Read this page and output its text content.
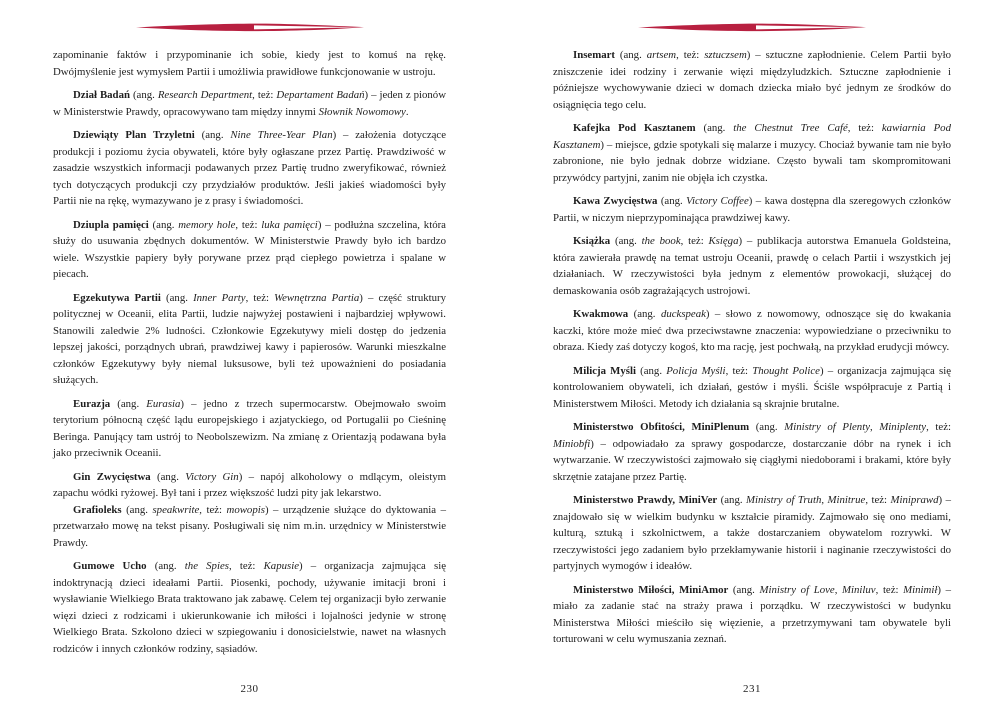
zapominanie faktów i przypominanie ich sobie, kiedy jest to komuś na rękę. Dwójmyślenie jest wymysłem Partii i umożliwia prawidłowe funkcjonowanie w ustroju.

Dział Badań (ang. Research Department, też: Departament Badań) – jeden z pionów w Ministerstwie Prawdy, opracowywano tam między innymi Słownik Nowomowy.

Dziewiąty Plan Trzyletni (ang. Nine Three-Year Plan) – założenia dotyczące produkcji i poziomu życia obywateli, które były ogłaszane przez Partię. Prawdziwość w zasadzie wszystkich informacji podawanych przez Partię trudno zweryfikować, również tych dotyczących produkcji czy przydziałów produktów. Jeśli jakieś wiadomości były Partii nie na rękę, wymazywano je z prasy i świadomości.

Dziupla pamięci (ang. memory hole, też: luka pamięci) – podłużna szczelina, która służy do usuwania zbędnych dokumentów. W Ministerstwie Prawdy było ich bardzo wiele. Wszystkie papiery były porywane przez prąd ciepłego powietrza i spalane w piecach.

Egzekutywa Partii (ang. Inner Party, też: Wewnętrzna Partia) – część struktury politycznej w Oceanii, elita Partii, ludzie najwyżej postawieni i najbardziej wpływowi. Stanowili zaledwie 2% ludności. Członkowie Egzekutywy mieli dostęp do jedzenia lepszej jakości, porządnych ubrań, prawdziwej kawy i papierosów. Warunki mieszkalne członków Egzekutywy były niemal luksusowe, byli też upoważnieni do posiadania służących.

Eurazja (ang. Eurasia) – jedno z trzech supermocarstw. Obejmowało swoim terytorium północną część lądu europejskiego i azjatyckiego, od Portugalii po Cieśninę Beringa. Panujący tam ustrój to Neobolszewizm. Na zmianę z Orientazją podawana była jako przeciwnik Oceanii.

Gin Zwycięstwa (ang. Victory Gin) – napój alkoholowy o mdlącym, oleistym zapachu wódki ryżowej. Był tani i przez większość ludzi pity jak lekarstwo.

Grafioleks (ang. speakwrite, też: mowopis) – urządzenie służące do dyktowania – przetwarzało mowę na tekst pisany. Posługiwali się nim m.in. urzędnicy w Ministerstwie Prawdy.

Gumowe Ucho (ang. the Spies, też: Kapusie) – organizacja zajmująca się indoktrynacją dzieci ideałami Partii. Piosenki, pochody, używanie imitacji broni i wysławianie Wielkiego Brata traktowano jak zabawę. Celem tej organizacji było zerwanie więzi dzieci z rodzicami i ukierunkowanie ich miłości i lojalności jedynie w stronę Wielkiego Brata. Szkolono dzieci w szpiegowaniu i donosicielstwie, nawet na własnych rodziców i innych członków rodziny, sąsiadów.

230

Insemart (ang. artsem, też: sztuczsem) – sztuczne zapłodnienie. Celem Partii było zniszczenie idei rodziny i zerwanie więzi międzyludzkich. Sztuczne zapłodnienie i późniejsze wychowywanie dzieci w domach dziecka miało być jednym ze środków do osiągnięcia tego celu.

Kafejka Pod Kasztanem (ang. the Chestnut Tree Café, też: kawiarnia Pod Kasztanem) – miejsce, gdzie spotykali się malarze i muzycy. Chociaż bywanie tam nie było zabronione, nie było jednak dobrze widziane. Często bywali tam skompromitowani przywódcy partyjni, zanim nie objęła ich czystka.

Kawa Zwycięstwa (ang. Victory Coffee) – kawa dostępna dla szeregowych członków Partii, w niczym nieprzypominająca prawdziwej kawy.

Książka (ang. the book, też: Księga) – publikacja autorstwa Emanuela Goldsteina, która zawierała prawdę na temat ustroju Oceanii, prawdę o celach Partii i wszystkich jej działaniach. W rzeczywistości była jednym z elementów prowokacji, służącej do demaskowania osób zagrażających ustrojowi.

Kwakmowa (ang. duckspeak) – słowo z nowomowy, odnoszące się do kwakania kaczki, które może mieć dwa przeciwstawne znaczenia: wypowiedziane o przeciwniku to obraza. Kiedy zaś dotyczy kogoś, kto ma rację, jest pochwałą, na przykład erudycji mówcy.

Milicja Myśli (ang. Policja Myśli, też: Thought Police) – organizacja zajmująca się kontrolowaniem obywateli, ich działań, gestów i myśli. Ściśle współpracuje z Partią i Ministerstwem Miłości. Metody ich działania są skrajnie brutalne.

Ministerstwo Obfitości, MiniPlenum (ang. Ministry of Plenty, Miniplenty, też: Miniobfi) – odpowiadało za sprawy gospodarcze, dostarczanie dóbr na rynek i ich wytwarzanie. W rzeczywistości zajmowało się ciągłymi niedoborami i brakami, które były skrzętnie zatajane przez Partię.

Ministerstwo Prawdy, MiniVer (ang. Ministry of Truth, Minitrue, też: Miniprawd) – znajdowało się w wielkim budynku w kształcie piramidy. Zajmowało się ono mediami, kulturą, sztuką i szkolnictwem, a także dostarczaniem obywatelom rozrywki. W rzeczywistości jego zadaniem było przekłamywanie historii i naginanie rzeczywistości do partyjnych wymogów i ideałów.

Ministerstwo Miłości, MiniAmor (ang. Ministry of Love, Miniluv, też: Minimił) – miało za zadanie stać na straży prawa i porządku. W rzeczywistości w budynku Ministerstwa Miłości mieściło się więzienie, a przetrzymywani tam obywatele byli torturowani w celu wymuszania zeznań.

231
